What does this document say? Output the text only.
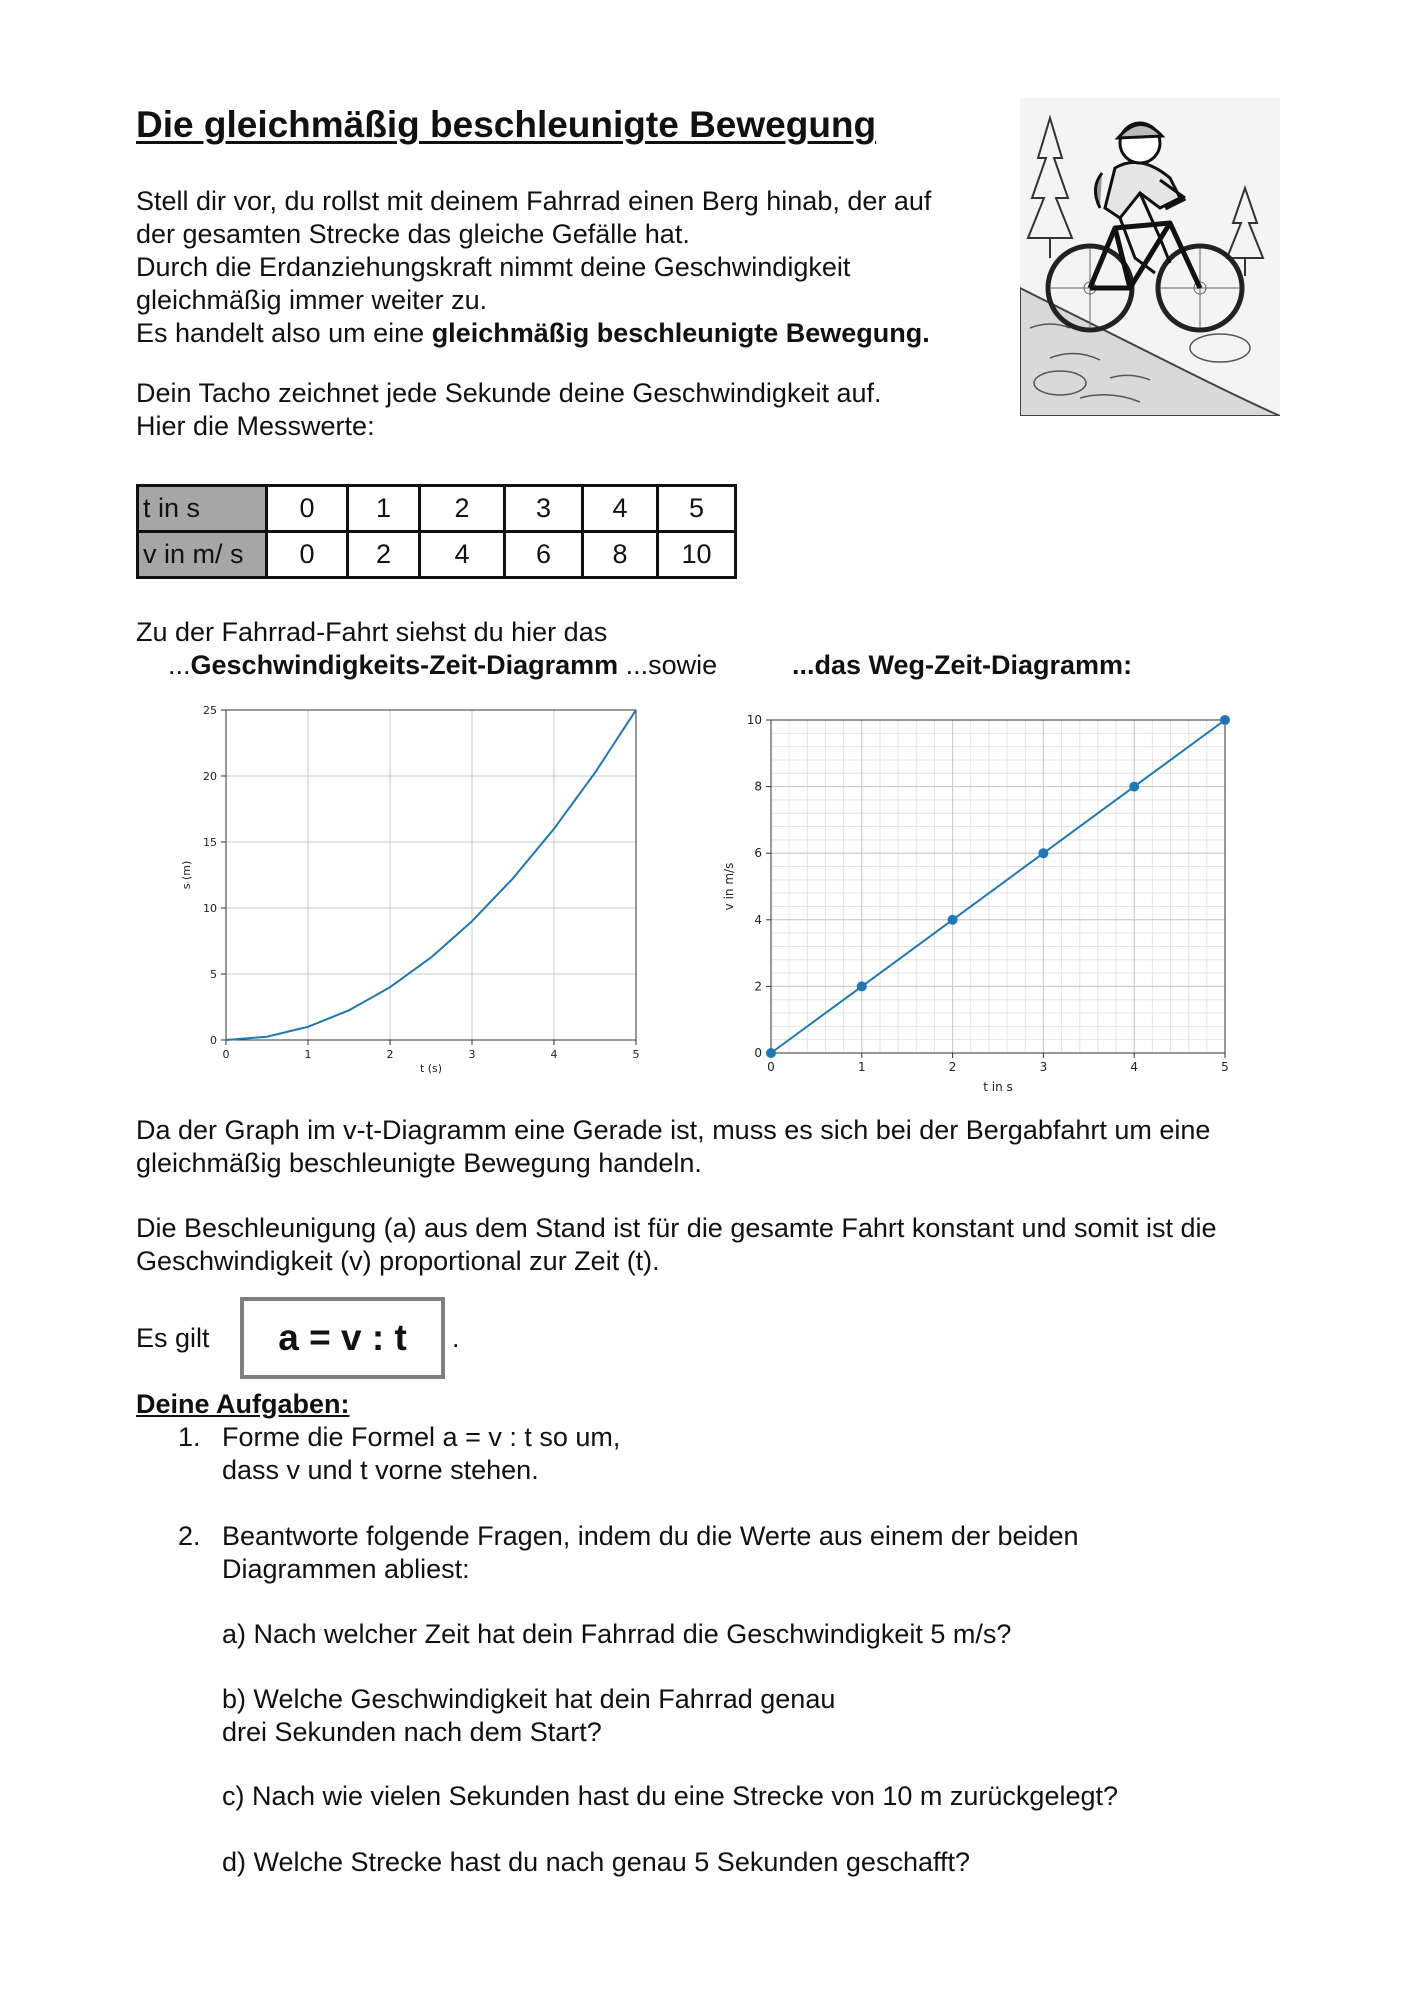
Die gleichmäßig beschleunigte Bewegung
Stell dir vor, du rollst mit deinem Fahrrad einen Berg hinab, der auf
der gesamten Strecke das gleiche Gefälle hat.
Durch die Erdanziehungskraft nimmt deine Geschwindigkeit
gleichmäßig immer weiter zu.
Es handelt also um eine gleichmäßig beschleunigte Bewegung.
Dein Tacho zeichnet jede Sekunde deine Geschwindigkeit auf.
Hier die Messwerte:
t in s	0	1	2	3	4	5
v in m/ s	0	2	4	6	8	10
Zu der Fahrrad-Fahrt siehst du hier das
...Geschwindigkeits-Zeit-Diagramm ...sowie	...das Weg-Zeit-Diagramm:
0	1	2	3	4	5
0
5
10
15
20
25
t (s)
s (m)
0	1	2	3	4	5
0
2
4
6
8
10
t in s
v in m/s
Da der Graph im v-t-Diagramm eine Gerade ist, muss es sich bei der Bergabfahrt um eine
gleichmäßig beschleunigte Bewegung handeln.
Die Beschleunigung (a) aus dem Stand ist für die gesamte Fahrt konstant und somit ist die
Geschwindigkeit (v) proportional zur Zeit (t).
Es gilt	a = v : t	.
Deine Aufgaben:
1. Forme die Formel a = v : t so um,
dass v und t vorne stehen.
2. Beantworte folgende Fragen, indem du die Werte aus einem der beiden
Diagrammen abliest:
a) Nach welcher Zeit hat dein Fahrrad die Geschwindigkeit 5 m/s?
b) Welche Geschwindigkeit hat dein Fahrrad genau
drei Sekunden nach dem Start?
c) Nach wie vielen Sekunden hast du eine Strecke von 10 m zurückgelegt?
d) Welche Strecke hast du nach genau 5 Sekunden geschafft?
